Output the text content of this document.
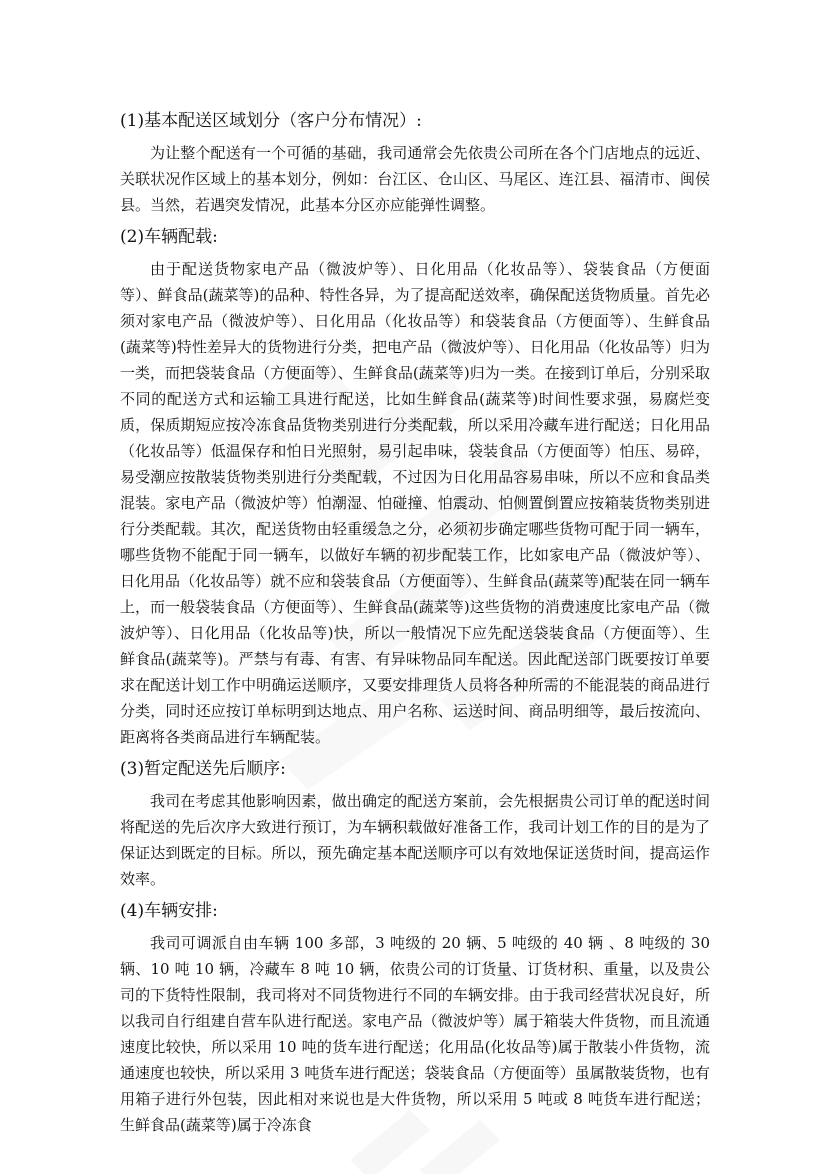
(1)基本配送区域划分（客户分布情况）:

为让整个配送有一个可循的基础，我司通常会先依贵公司所在各个门店地点的远近、关联状况作区域上的基本划分，例如：台江区、仓山区、马尾区、连江县、福清市、闽侯县。当然，若遇突发情况，此基本分区亦应能弹性调整。

(2)车辆配载:

由于配送货物家电产品（微波炉等）、日化用品（化妆品等）、袋装食品（方便面等）、鲜食品(蔬菜等)的品种、特性各异，为了提高配送效率，确保配送货物质量。首先必须对家电产品（微波炉等）、日化用品（化妆品等）和袋装食品（方便面等）、生鲜食品(蔬菜等)特性差异大的货物进行分类，把电产品（微波炉等）、日化用品（化妆品等）归为一类，而把袋装食品（方便面等）、生鲜食品(蔬菜等)归为一类。在接到订单后，分别采取不同的配送方式和运输工具进行配送，比如生鲜食品(蔬菜等)时间性要求强，易腐烂变质，保质期短应按冷冻食品货物类别进行分类配载，所以采用冷藏车进行配送；日化用品（化妆品等）低温保存和怕日光照射，易引起串味，袋装食品（方便面等）怕压、易碎，易受潮应按散装货物类别进行分类配载，不过因为日化用品容易串味，所以不应和食品类混装。家电产品（微波炉等）怕潮湿、怕碰撞、怕震动、怕侧置倒置应按箱装货物类别进行分类配载。其次，配送货物由轻重缓急之分，必须初步确定哪些货物可配于同一辆车，哪些货物不能配于同一辆车，以做好车辆的初步配装工作，比如家电产品（微波炉等）、日化用品（化妆品等）就不应和袋装食品（方便面等）、生鲜食品(蔬菜等)配装在同一辆车上，而一般袋装食品（方便面等）、生鲜食品(蔬菜等)这些货物的消费速度比家电产品（微波炉等）、日化用品（化妆品等)快，所以一般情况下应先配送袋装食品（方便面等）、生鲜食品(蔬菜等)。严禁与有毒、有害、有异味物品同车配送。因此配送部门既要按订单要求在配送计划工作中明确运送顺序，又要安排理货人员将各种所需的不能混装的商品进行分类，同时还应按订单标明到达地点、用户名称、运送时间、商品明细等，最后按流向、距离将各类商品进行车辆配装。

(3)暂定配送先后顺序:

我司在考虑其他影响因素，做出确定的配送方案前，会先根据贵公司订单的配送时间将配送的先后次序大致进行预订，为车辆积载做好准备工作，我司计划工作的目的是为了保证达到既定的目标。所以，预先确定基本配送顺序可以有效地保证送货时间，提高运作效率。

(4)车辆安排:

我司可调派自由车辆 100 多部，3 吨级的 20 辆、5 吨级的 40 辆 、8 吨级的 30 辆、10 吨 10 辆，冷藏车 8 吨 10 辆，依贵公司的订货量、订货材积、重量，以及贵公司的下货特性限制，我司将对不同货物进行不同的车辆安排。由于我司经营状况良好，所以我司自行组建自营车队进行配送。家电产品（微波炉等）属于箱装大件货物，而且流通速度比较快，所以采用 10 吨的货车进行配送；化用品(化妆品等)属于散装小件货物，流通速度也较快，所以采用 3 吨货车进行配送；袋装食品（方便面等）虽属散装货物，也有用箱子进行外包装，因此相对来说也是大件货物，所以采用 5 吨或 8 吨货车进行配送；生鲜食品(蔬菜等)属于冷冻食
